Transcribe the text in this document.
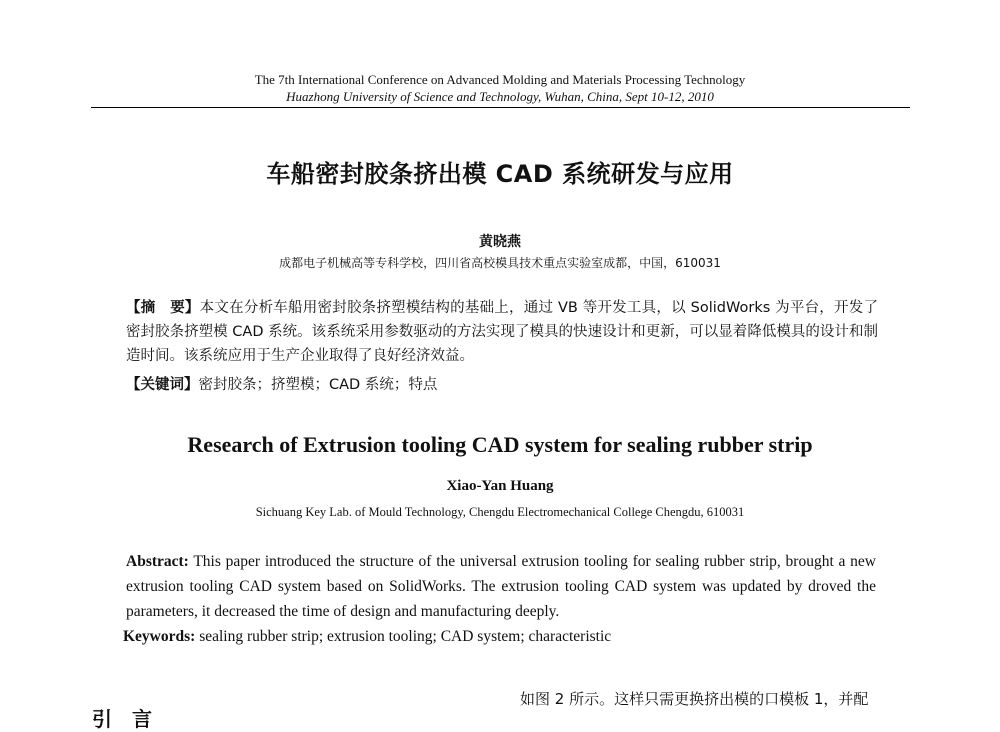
The 7th International Conference on Advanced Molding and Materials Processing Technology
Huazhong University of Science and Technology, Wuhan, China, Sept 10-12, 2010
车船密封胶条挤出模 CAD 系统研发与应用
黄晓燕
成都电子机械高等专科学校，四川省高校模具技术重点实验室成都，中国，610031
【摘　要】本文在分析车船用密封胶条挤塑模结构的基础上，通过 VB 等开发工具，以 SolidWorks 为平台，开发了密封胶条挤塑模 CAD 系统。该系统采用参数驱动的方法实现了模具的快速设计和更新，可以显着降低模具的设计和制造时间。该系统应用于生产企业取得了良好经济效益。
【关键词】密封胶条；挤塑模；CAD 系统；特点
Research of Extrusion tooling CAD system for sealing rubber strip
Xiao-Yan Huang
Sichuang Key Lab. of Mould Technology, Chengdu Electromechanical College Chengdu, 610031
Abstract: This paper introduced the structure of the universal extrusion tooling for sealing rubber strip, brought a new extrusion tooling CAD system based on SolidWorks. The extrusion tooling CAD system was updated by droved the parameters, it decreased the time of design and manufacturing deeply.
Keywords: sealing rubber strip; extrusion tooling; CAD system; characteristic
如图 2 所示。这样只需更换挤出模的口模板 1，并配
引　言
